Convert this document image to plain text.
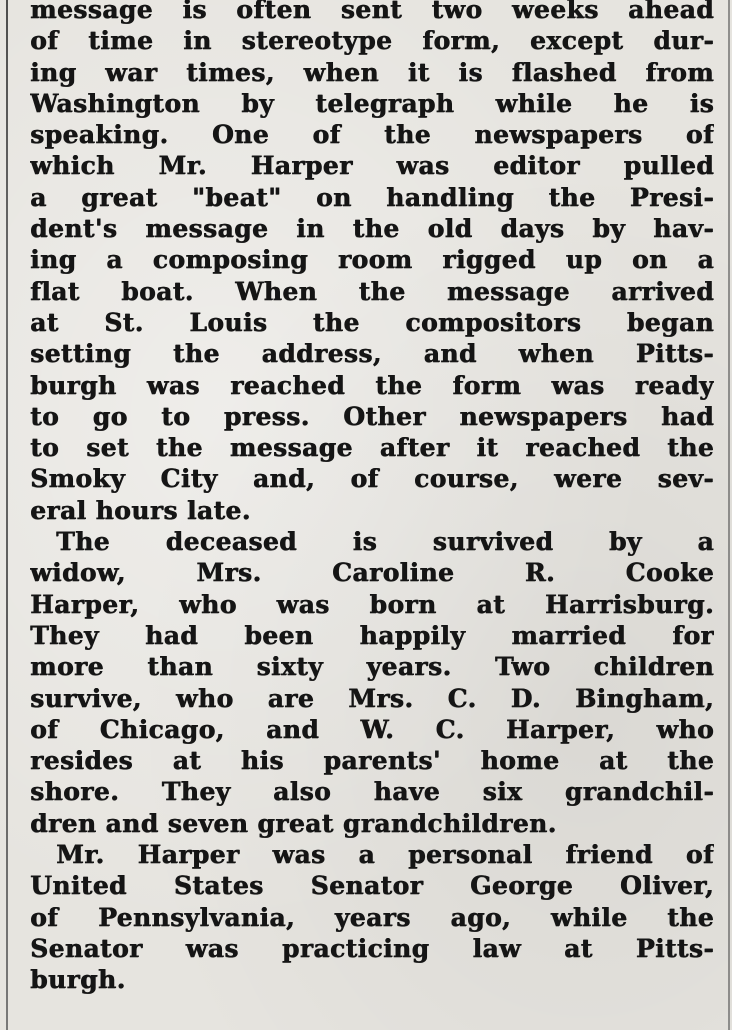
message is often sent two weeks ahead
of time in stereotype form, except dur-
ing war times, when it is flashed from
Washington by telegraph while he is
speaking. One of the newspapers of
which Mr. Harper was editor pulled
a great "beat" on handling the Presi-
dent's message in the old days by hav-
ing a composing room rigged up on a
flat boat. When the message arrived
at St. Louis the compositors began
setting the address, and when Pitts-
burgh was reached the form was ready
to go to press. Other newspapers had
to set the message after it reached the
Smoky City and, of course, were sev-
eral hours late.
The deceased is survived by a
widow, Mrs. Caroline R. Cooke
Harper, who was born at Harrisburg.
They had been happily married for
more than sixty years. Two children
survive, who are Mrs. C. D. Bingham,
of Chicago, and W. C. Harper, who
resides at his parents' home at the
shore. They also have six grandchil-
dren and seven great grandchildren.
Mr. Harper was a personal friend of
United States Senator George Oliver,
of Pennsylvania, years ago, while the
Senator was practicing law at Pitts-
burgh.
